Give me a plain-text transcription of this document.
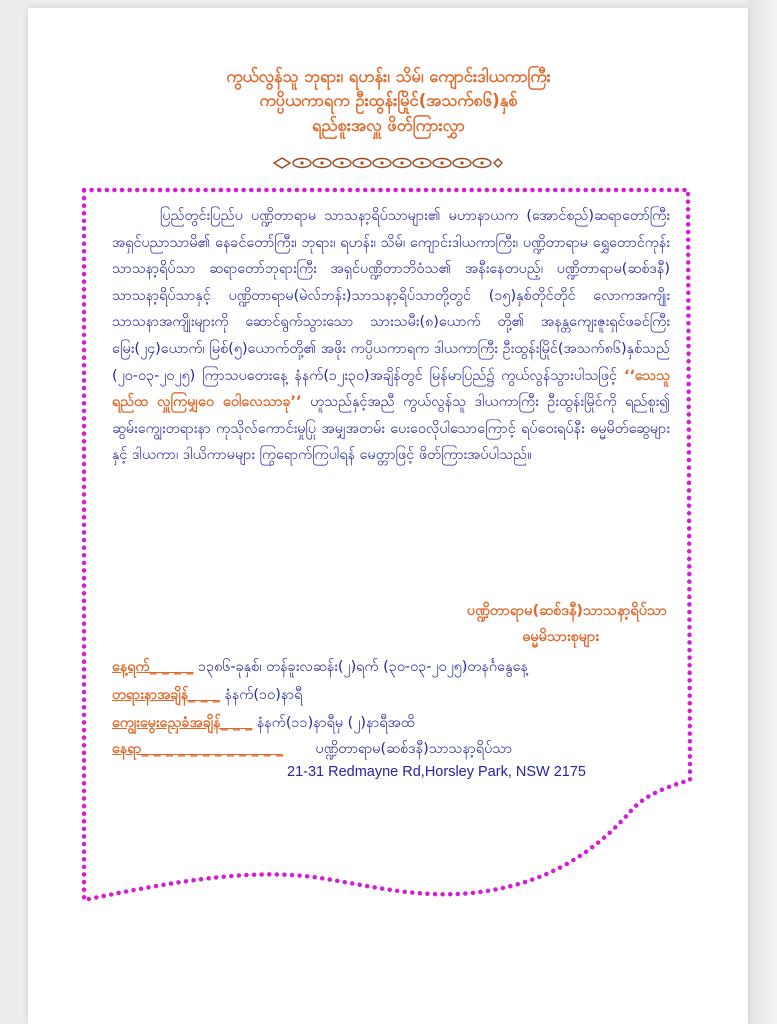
ကွယ်လွန်သူ ဘုရား၊ ရဟန်း၊ သိမ်၊ ကျောင်းဒါယကာကြီး
ကပ္ပိယကာရက ဦးထွန်းမြိုင်(အသက်၈၆)နှစ်
ရည်စူးအလှူ ဖိတ်ကြားလွှာ
ပြည်တွင်းပြည်ပ ပဏ္ဍိတာရာမ သာသနာ့ရိပ်သာများ၏ မဟာနာယက (အောင်စည်)ဆရာတော်ကြီး အရှင်ပညာသာမိ၏ နေခင်တော်ကြီး၊ ဘုရား၊ ရဟန်း၊ သိမ်၊ ကျောင်းဒါယကာကြီး၊ ပဏ္ဍိတာရာမ ရွှေတောင်ကုန်း သာသနာ့ရိပ်သာ ဆရာတော်ဘုရားကြီး အရှင်ပဏ္ဍိတာဘိဝံသ၏ အနီးနေတပည့်၊ ပဏ္ဍိတာရာမ(ဆစ်ဒနီ) သာသနာ့ရိပ်သာနှင့် ပဏ္ဍိတာရာမ(မဲလ်ဘန်း)သာသနာ့ရိပ်သာတို့တွင် (၁၅)နှစ်တိုင်တိုင် လောကအကျိုး သာသနာအကျိုးများကို ဆောင်ရွက်သွားသော သားသမီး(၈)ယောက် တို့၏ အနန္တကျေးဇူးရှင်ဖခင်ကြီး မြေး(၂၄)ယောက်၊ မြစ်(၅)ယောက်တို့၏ အဖိုး ကပ္ပိယကာရက ဒါယကာကြီး ဦးထွန်းမြိုင်(အသက်၈၆)နှစ်သည် (၂၀-၀၃-၂၀၂၅) ကြာသပတေးနေ့ နံနက်(၁၂း၃၀)အချိန်တွင် မြန်မာပြည်၌ ကွယ်လွန်သွားပါသဖြင့် ‘‘သေသူရည်ထ လှူကြမျှဝေ ဝေါလေသာခု’’ ဟူသည်နှင့်အညီ ကွယ်လွန်သူ ဒါယကာကြီး ဦးထွန်းမြိုင်ကို ရည်စူး၍ ဆွမ်းကျွေးတရားနာ ကုသိုလ်ကောင်းမှုပြု အမျှအတမ်း ပေးဝေလိုပါသောကြောင့် ရပ်ဝေးရပ်နီး ဓမ္မမိတ်ဆွေများနှင့် ဒါယကာ၊ ဒါယိကာမများ ကြွရောက်ကြပါရန် မေတ္တာဖြင့် ဖိတ်ကြားအပ်ပါသည်။
ပဏ္ဍိတာရာမ(ဆစ်ဒနီ)သာသနာ့ရိပ်သာ
ဓမ္မမိသားစုများ
နေ့ရက်_ _ _ _ ၁၃၈၆-ခုနှစ်၊ တန်ခူးလဆန်း(၂)ရက် (၃၀-၀၃-၂၀၂၅)တနင်္ဂနွေနေ့
တရားနာအချိန်_ _ _ နံနက်(၁၀)နာရီ
ကျွေးမွေးညှေခံအချိန်_ _ _ နံနက်(၁၁)နာရီမှ (၂)နာရီအထိ
နေရာ_ _ _ _ _ _ _ _ _ _ _ _ ပဏ္ဍိတာရာမ(ဆစ်ဒနီ)သာသနာ့ရိပ်သာ
21-31 Redmayne Rd,Horsley Park, NSW 2175
